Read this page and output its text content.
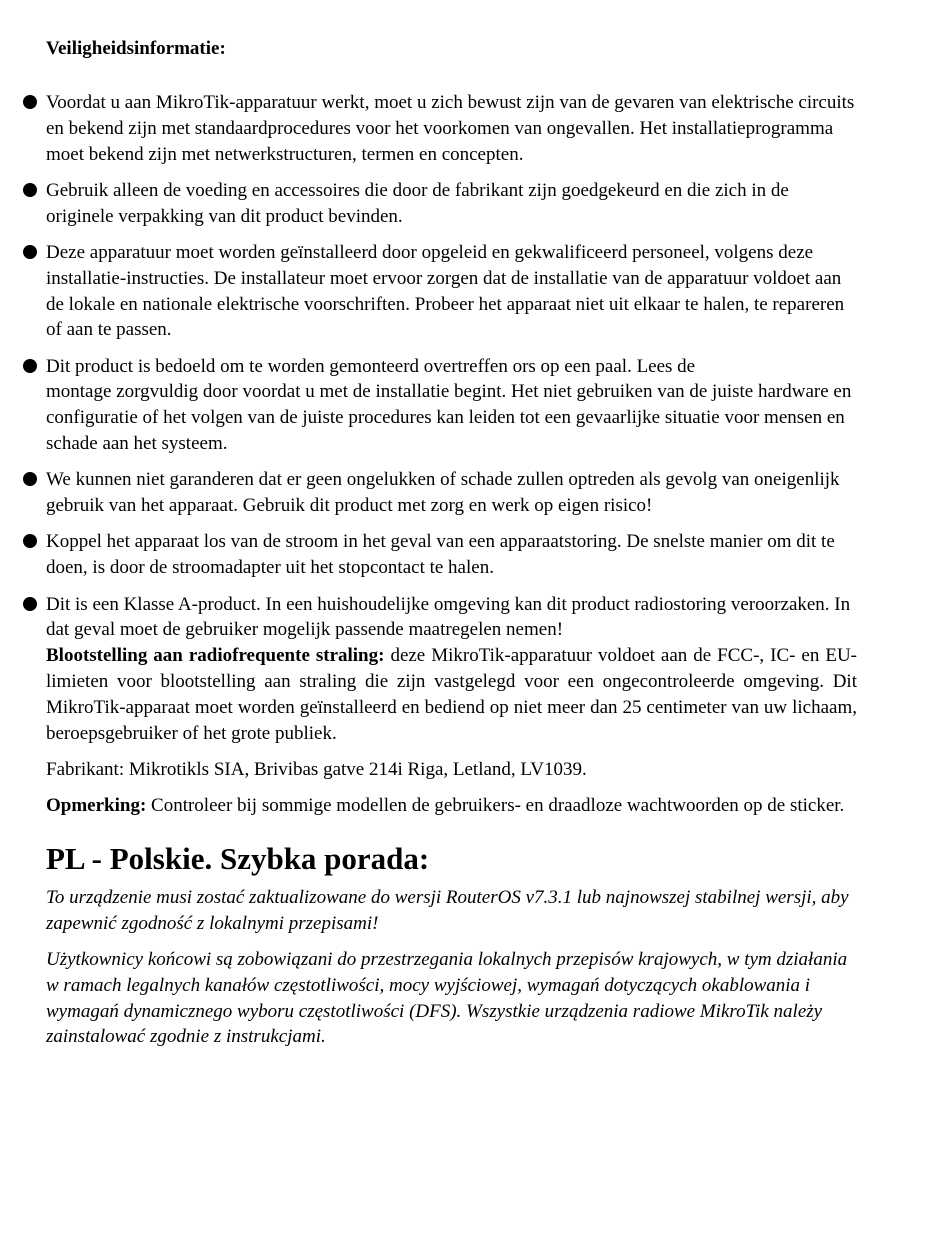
Veiligheidsinformatie:
Voordat u aan MikroTik-apparatuur werkt, moet u zich bewust zijn van de gevaren van elektrische circuits en bekend zijn met standaardprocedures voor het voorkomen van ongevallen. Het installatieprogramma moet bekend zijn met netwerkstructuren, termen en concepten.
Gebruik alleen de voeding en accessoires die door de fabrikant zijn goedgekeurd en die zich in de originele verpakking van dit product bevinden.
Deze apparatuur moet worden geïnstalleerd door opgeleid en gekwalificeerd personeel, volgens deze installatie-instructies. De installateur moet ervoor zorgen dat de installatie van de apparatuur voldoet aan de lokale en nationale elektrische voorschriften. Probeer het apparaat niet uit elkaar te halen, te repareren of aan te passen.
Dit product is bedoeld om te worden gemonteerd overtreffen ors op een paal. Lees de
montage zorgvuldig door voordat u met de installatie begint. Het niet gebruiken van de juiste hardware en configuratie of het volgen van de juiste procedures kan leiden tot een gevaarlijke situatie voor mensen en schade aan het systeem.
We kunnen niet garanderen dat er geen ongelukken of schade zullen optreden als gevolg van oneigenlijk gebruik van het apparaat. Gebruik dit product met zorg en werk op eigen risico!
Koppel het apparaat los van de stroom in het geval van een apparaatstoring. De snelste manier om dit te doen, is door de stroomadapter uit het stopcontact te halen.

Dit is een Klasse A-product. In een huishoudelijke omgeving kan dit product radiostoring veroorzaken. In dat geval moet de gebruiker mogelijk passende maatregelen nemen!

Blootstelling aan radiofrequente straling: deze MikroTik-apparatuur voldoet aan de FCC-, IC- en EU-limieten voor blootstelling aan straling die zijn vastgelegd voor een ongecontroleerde omgeving. Dit MikroTik-apparaat moet worden geïnstalleerd en bediend op niet meer dan 25 centimeter van uw lichaam, beroepsgebruiker of het grote publiek.

Fabrikant: Mikrotikls SIA, Brivibas gatve 214i Riga, Letland, LV1039.

Opmerking: Controleer bij sommige modellen de gebruikers- en draadloze wachtwoorden op de sticker.

PL - Polskie. Szybka porada:

To urządzenie musi zostać zaktualizowane do wersji RouterOS v7.3.1 lub najnowszej stabilnej wersji, aby zapewnić zgodność z lokalnymi przepisami!

Użytkownicy końcowi są zobowiązani do przestrzegania lokalnych przepisów krajowych, w tym działania w ramach legalnych kanałów częstotliwości, mocy wyjściowej, wymagań dotyczących okablowania i wymagań dynamicznego wyboru częstotliwości (DFS). Wszystkie urządzenia radiowe MikroTik należy zainstalować zgodnie z instrukcjami.
